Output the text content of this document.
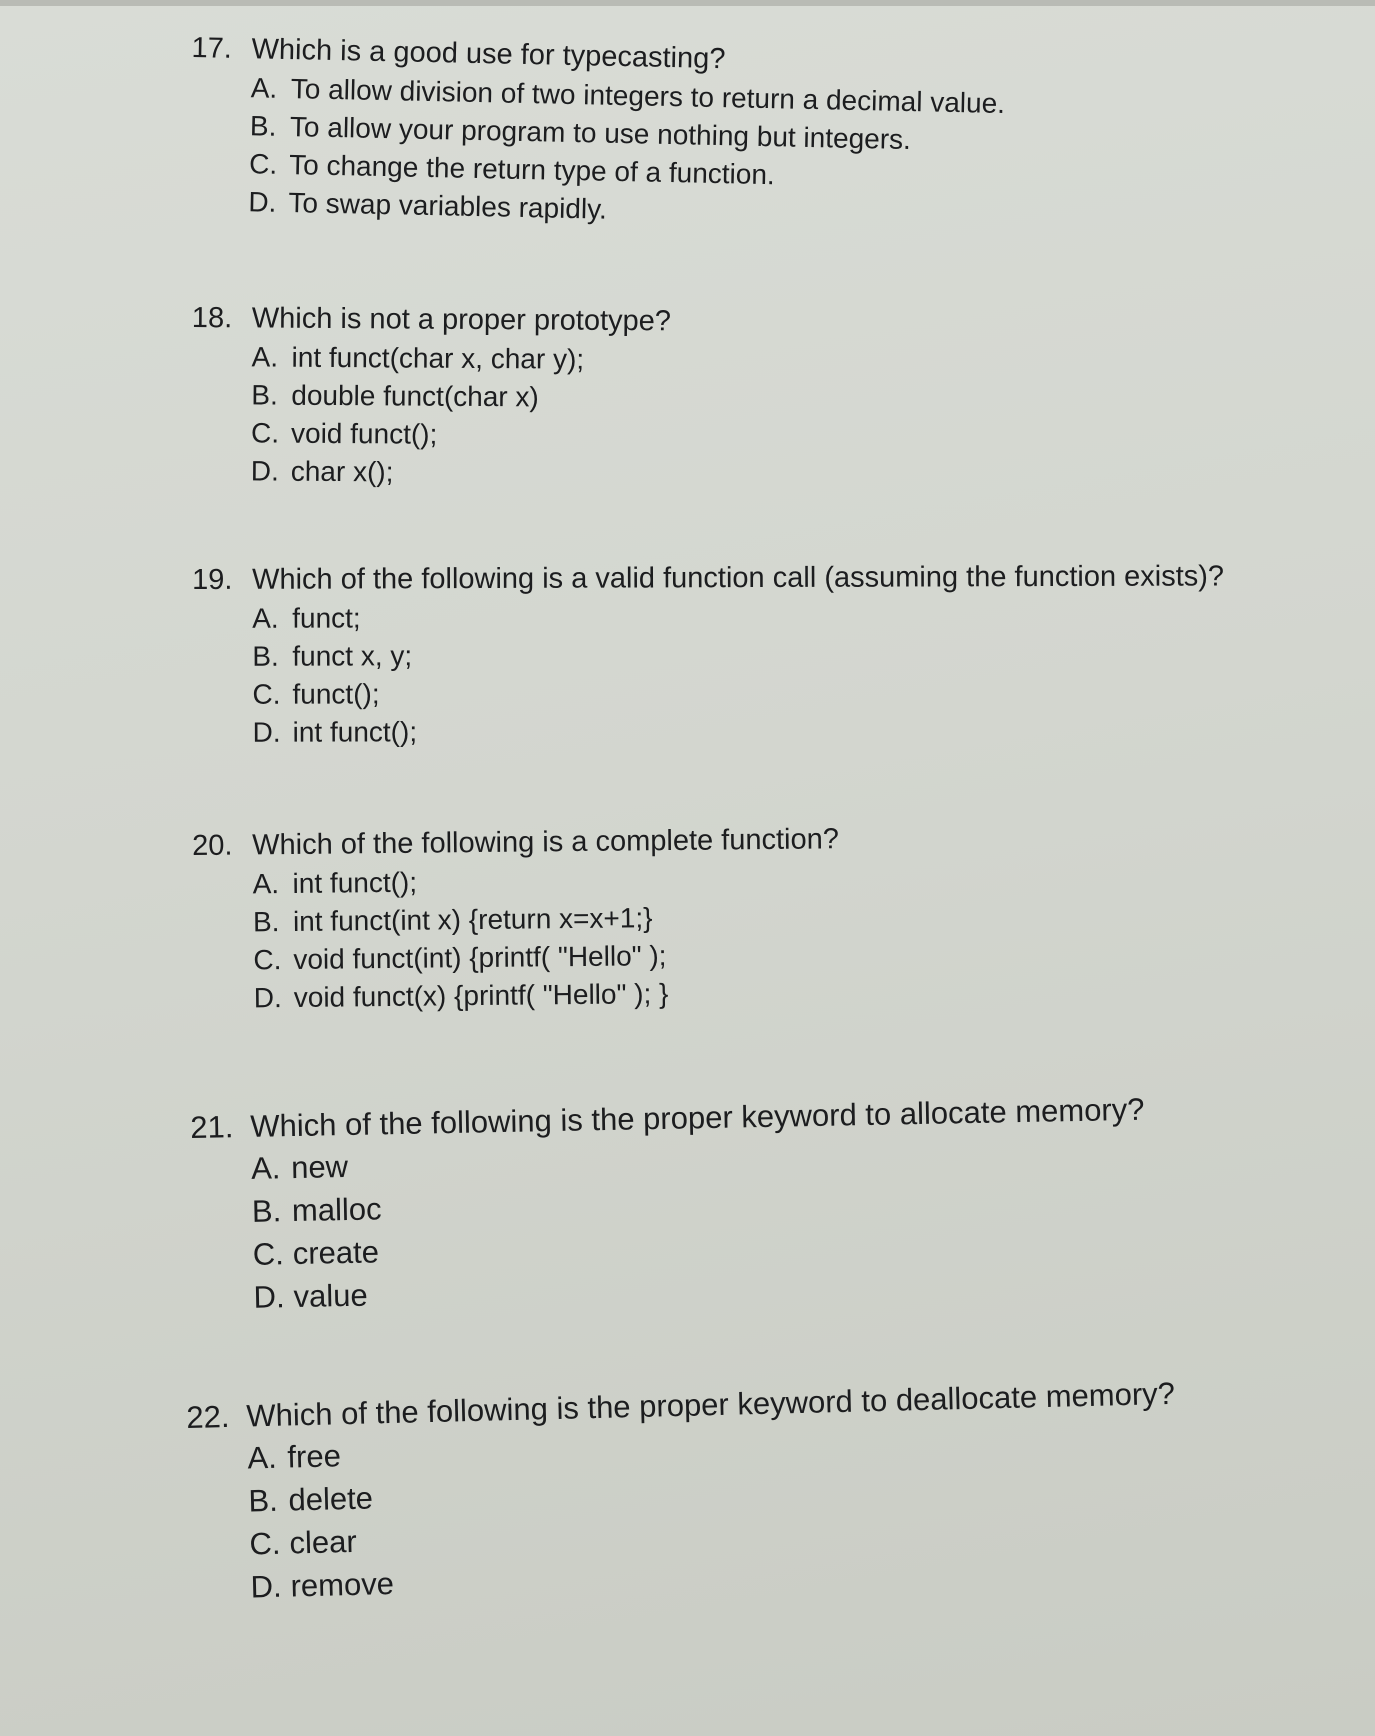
17. Which is a good use for typecasting?
A. To allow division of two integers to return a decimal value.
B. To allow your program to use nothing but integers.
C. To change the return type of a function.
D. To swap variables rapidly.
18. Which is not a proper prototype?
A. int funct(char x, char y);
B. double funct(char x)
C. void funct();
D. char x();
19. Which of the following is a valid function call (assuming the function exists)?
A. funct;
B. funct x, y;
C. funct();
D. int funct();
20. Which of the following is a complete function?
A. int funct();
B. int funct(int x) {return x=x+1;}
C. void funct(int) {printf( "Hello" );
D. void funct(x) {printf( "Hello" ); }
21. Which of the following is the proper keyword to allocate memory?
A. new
B. malloc
C. create
D. value
22. Which of the following is the proper keyword to deallocate memory?
A. free
B. delete
C. clear
D. remove
